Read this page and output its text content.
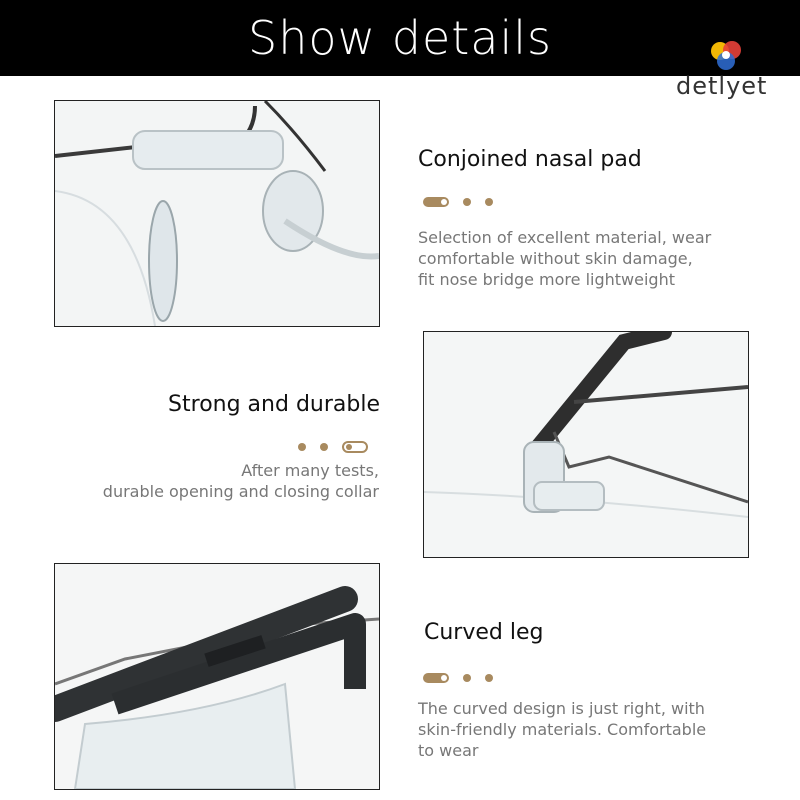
Show details
detlyet
Conjoined nasal pad
Selection of excellent material, wear
comfortable without skin damage,
fit nose bridge more lightweight
Strong and durable
After many tests,
durable opening and closing collar
Curved leg
The curved design is just right, with
skin-friendly materials. Comfortable
to wear
